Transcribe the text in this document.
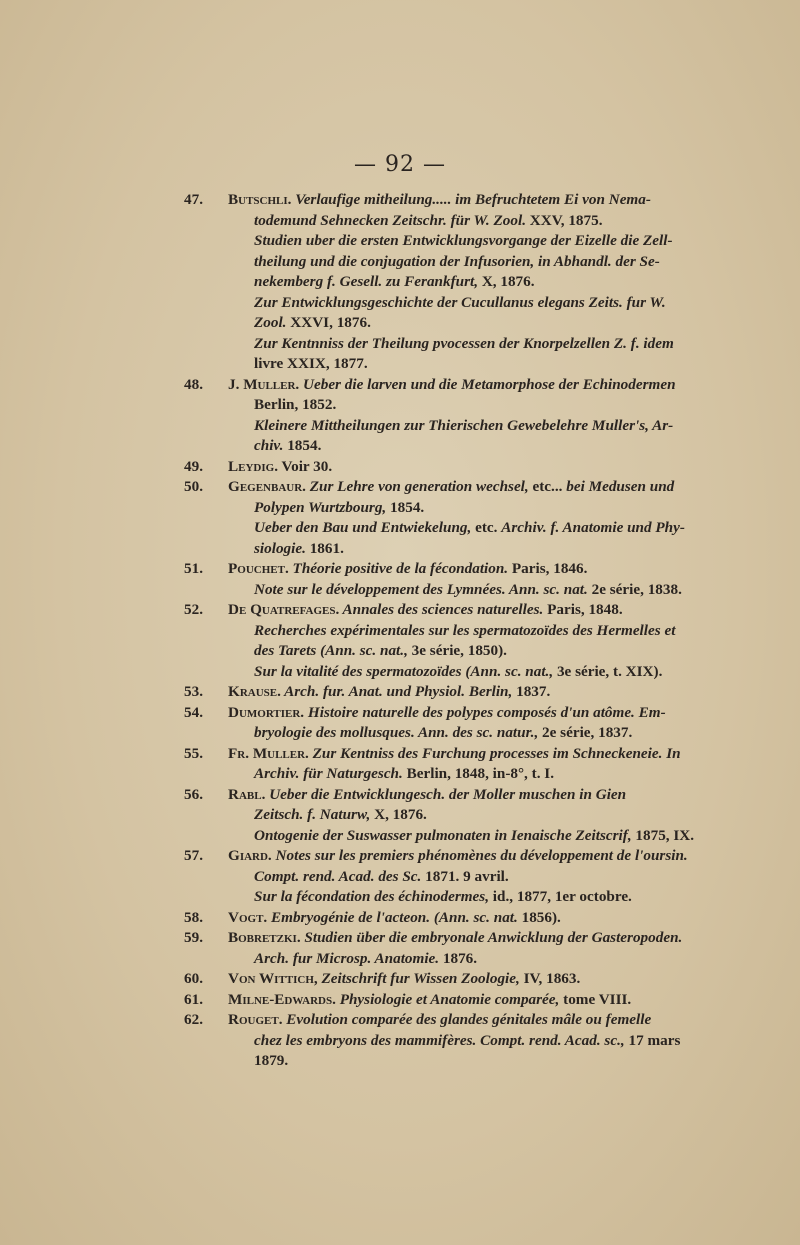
— 92 —
47.	Butschli. Verlaufige mitheilung..... im Befruchtetem Ei von Nema-
todemund Sehnecken Zeitschr. für W. Zool. XXV, 1875.
Studien uber die ersten Entwicklungsvorgange der Eizelle die Zell-
theilung und die conjugation der Infusorien, in Abhandl. der Se-
nekemberg f. Gesell. zu Ferankfurt, X, 1876.
Zur Entwicklungsgeschichte der Cucullanus elegans Zeits. fur W.
Zool. XXVI, 1876.
Zur Kentnniss der Theilung pvocessen der Knorpelzellen Z. f. idem
livre XXIX, 1877.
48.	J. Muller. Ueber die larven und die Metamorphose der Echinodermen
Berlin, 1852.
Kleinere Mittheilungen zur Thierischen Gewebelehre Muller's, Ar-
chiv. 1854.
49.	Leydig. Voir 30.
50.	Gegenbaur. Zur Lehre von generation wechsel, etc... bei Medusen und
Polypen Wurtzbourg, 1854.
Ueber den Bau und Entwiekelung, etc. Archiv. f. Anatomie und Phy-
siologie. 1861.
51.	Pouchet. Théorie positive de la fécondation. Paris, 1846.
Note sur le développement des Lymnées. Ann. sc. nat. 2e série, 1838.
52.	De Quatrefages. Annales des sciences naturelles. Paris, 1848.
Recherches expérimentales sur les spermatozoïdes des Hermelles et
des Tarets (Ann. sc. nat., 3e série, 1850).
Sur la vitalité des spermatozoïdes (Ann. sc. nat., 3e série, t. XIX).
53.	Krause. Arch. fur. Anat. und Physiol. Berlin, 1837.
54.	Dumortier. Histoire naturelle des polypes composés d'un atôme. Em-
bryologie des mollusques. Ann. des sc. natur., 2e série, 1837.
55.	Fr. Muller. Zur Kentniss des Furchung processes im Schneckeneie. In
Archiv. für Naturgesch. Berlin, 1848, in-8°, t. I.
56.	Rabl. Ueber die Entwicklungesch. der Moller muschen in Gien
Zeitsch. f. Naturw, X, 1876.
Ontogenie der Suswasser pulmonaten in Ienaische Zeitscrif, 1875, IX.
57.	Giard. Notes sur les premiers phénomènes du développement de l'oursin.
Compt. rend. Acad. des Sc. 1871. 9 avril.
Sur la fécondation des échinodermes, id., 1877, 1er octobre.
58.	Vogt. Embryogénie de l'acteon. (Ann. sc. nat. 1856).
59.	Bobretzki. Studien über die embryonale Anwicklung der Gasteropoden.
Arch. fur Microsp. Anatomie. 1876.
60.	Von Wittich, Zeitschrift fur Wissen Zoologie, IV, 1863.
61.	Milne-Edwards. Physiologie et Anatomie comparée, tome VIII.
62.	Rouget. Evolution comparée des glandes génitales mâle ou femelle
chez les embryons des mammifères. Compt. rend. Acad. sc., 17 mars
1879.
